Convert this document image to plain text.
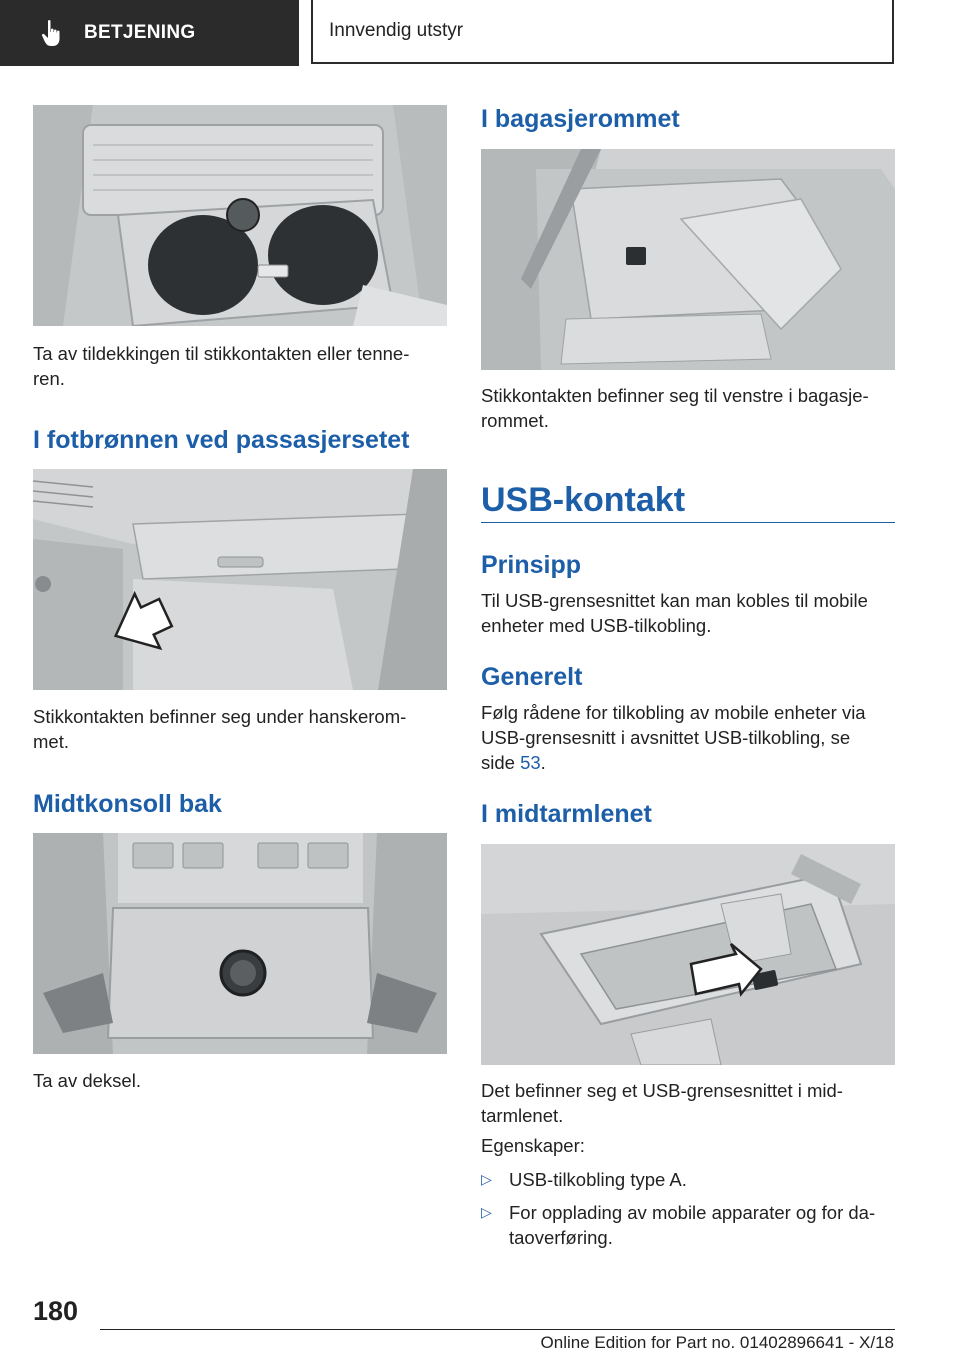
BETJENING	Innvendig utstyr

Ta av tildekkingen til stikkontakten eller tenne-
ren.

I fotbrønnen ved passasjersetet

Stikkontakten befinner seg under hanskerom-
met.

Midtkonsoll bak

Ta av deksel.

I bagasjerommet

Stikkontakten befinner seg til venstre i bagasje-
rommet.

USB-kontakt
Prinsipp

Til USB-grensesnittet kan man kobles til mobile
enheter med USB-tilkobling.

Generelt

Følg rådene for tilkobling av mobile enheter via
USB-grensesnitt i avsnittet USB-tilkobling, se
side 53.

I midtarmlenet

Det befinner seg et USB-grensesnittet i mid-
tarmlenet.

Egenskaper:

▷ USB-tilkobling type A.
▷ For opplading av mobile apparater og for da-
taoverføring.

180

Online Edition for Part no. 01402896641 - X/18
